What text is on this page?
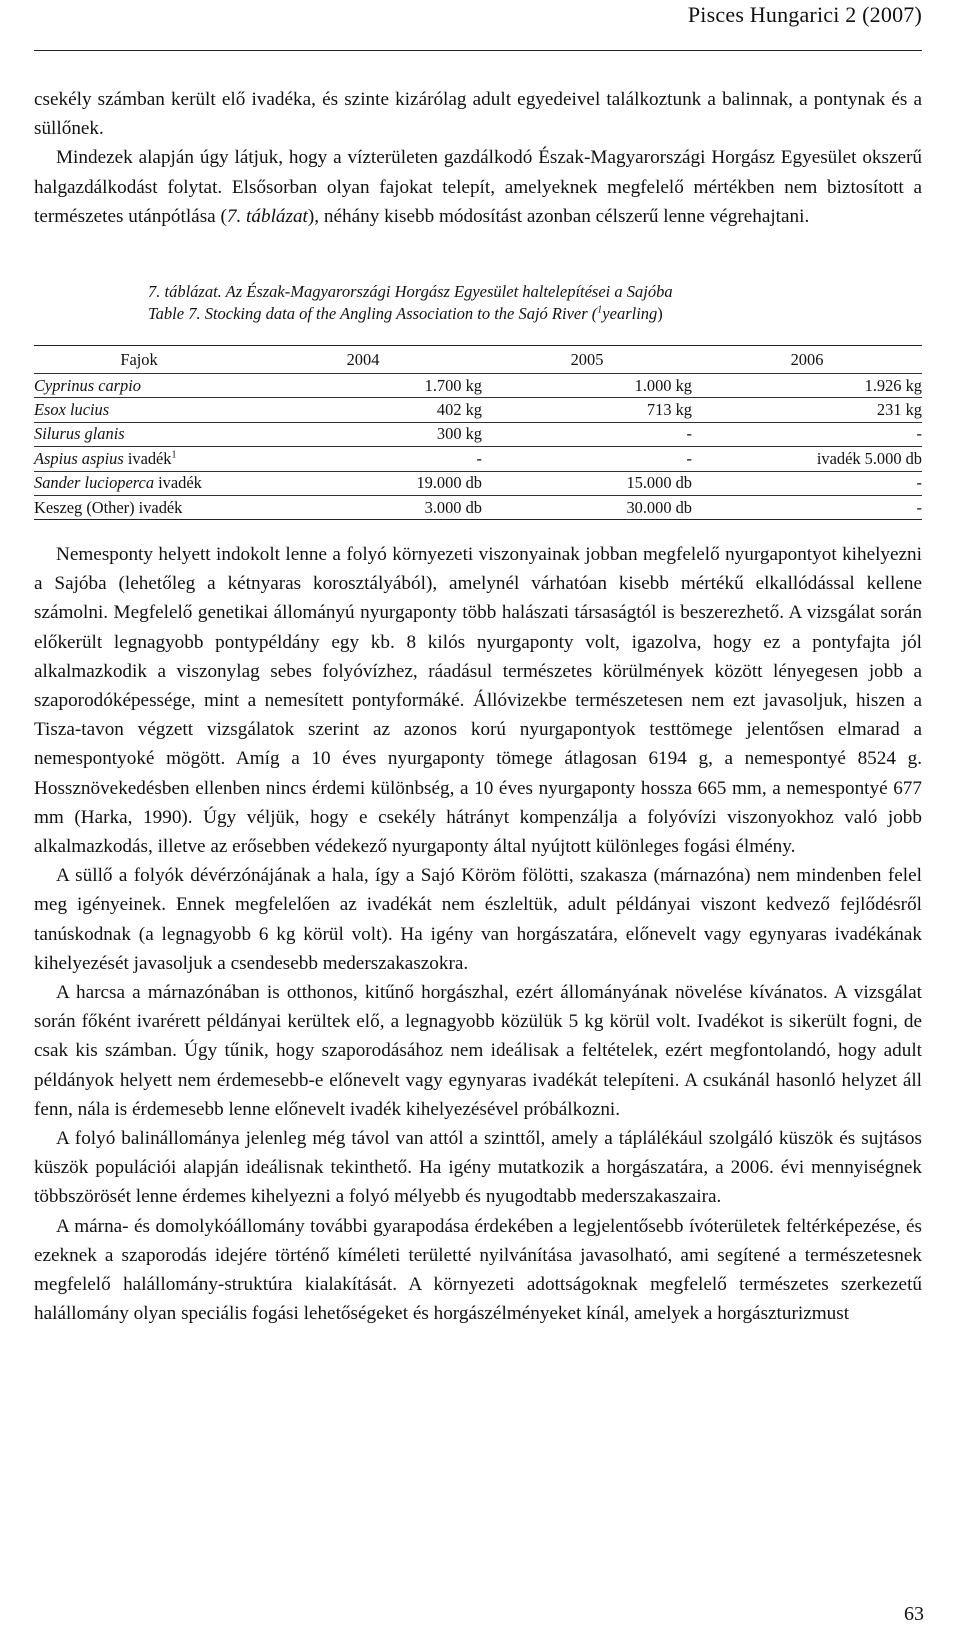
Pisces Hungarici 2 (2007)

csekély számban került elő ivadéka, és szinte kizárólag adult egyedeivel találkoztunk a balinnak, a pontynak és a süllőnek.

Mindezek alapján úgy látjuk, hogy a vízterületen gazdálkodó Észak-Magyarországi Horgász Egyesület okszerű halgazdálkodást folytat. Elsősorban olyan fajokat telepít, amelyeknek megfelelő mértékben nem biztosított a természetes utánpótlása (7. táblázat), néhány kisebb módosítást azonban célszerű lenne végrehajtani.

7. táblázat. Az Észak-Magyarországi Horgász Egyesület haltelepítései a Sajóba
Table 7. Stocking data of the Angling Association to the Sajó River ($^1$yearling)
Fajok	2004	2005	2006
Cyprinus carpio	1.700 kg	1.000 kg	1.926 kg
Esox lucius	402 kg	713 kg	231 kg
Silurus glanis	300 kg	-	-
Aspius aspius ivadék$^1$	-	-	ivadék 5.000 db
Sander lucioperca ivadék	19.000 db	15.000 db	-
Keszeg (Other) ivadék	3.000 db	30.000 db	-

Nemesponty helyett indokolt lenne a folyó környezeti viszonyainak jobban megfelelő nyurgapontyot kihelyezni a Sajóba (lehetőleg a kétnyaras korosztályából), amelynél várhatóan kisebb mértékű elkallódással kellene számolni. Megfelelő genetikai állományú nyurgaponty több halászati társaságtól is beszerezhető. A vizsgálat során előkerült legnagyobb pontypéldány egy kb. 8 kilós nyurgaponty volt, igazolva, hogy ez a pontyfajta jól alkalmazkodik a viszonylag sebes folyóvízhez, ráadásul természetes körülmények között lényegesen jobb a szaporodóképessége, mint a nemesített pontyformáké. Állóvizekbe természetesen nem ezt javasoljuk, hiszen a Tisza-tavon végzett vizsgálatok szerint az azonos korú nyurgapontyok testtömege jelentősen elmarad a nemespontyoké mögött. Amíg a 10 éves nyurgaponty tömege átlagosan 6194 g, a nemespontyé 8524 g. Hossznövekedésben ellenben nincs érdemi különbség, a 10 éves nyurgaponty hossza 665 mm, a nemespontyé 677 mm (Harka, 1990). Úgy véljük, hogy e csekély hátrányt kompenzálja a folyóvízi viszonyokhoz való jobb alkalmazkodás, illetve az erősebben védekező nyurgaponty által nyújtott különleges fogási élmény.

A süllő a folyók dévérzónájának a hala, így a Sajó Köröm fölötti, szakasza (márnazóna) nem mindenben felel meg igényeinek. Ennek megfelelően az ivadékát nem észleltük, adult példányai viszont kedvező fejlődésről tanúskodnak (a legnagyobb 6 kg körül volt). Ha igény van horgászatára, előnevelt vagy egynyaras ivadékának kihelyezését javasoljuk a csendesebb mederszakaszokra.

A harcsa a márnazónában is otthonos, kitűnő horgászhal, ezért állományának növelése kívánatos. A vizsgálat során főként ivarérett példányai kerültek elő, a legnagyobb közülük 5 kg körül volt. Ivadékot is sikerült fogni, de csak kis számban. Úgy tűnik, hogy szaporodásához nem ideálisak a feltételek, ezért megfontolandó, hogy adult példányok helyett nem érdemesebb-e előnevelt vagy egynyaras ivadékát telepíteni. A csukánál hasonló helyzet áll fenn, nála is érdemesebb lenne előnevelt ivadék kihelyezésével próbálkozni.

A folyó balinállománya jelenleg még távol van attól a szinttől, amely a táplálékául szolgáló küszök és sujtásos küszök populációi alapján ideálisnak tekinthető. Ha igény mutatkozik a horgászatára, a 2006. évi mennyiségnek többszörösét lenne érdemes kihelyezni a folyó mélyebb és nyugodtabb mederszakaszaira.

A márna- és domolykóállomány további gyarapodása érdekében a legjelentősebb ívóterületek feltérképezése, és ezeknek a szaporodás idejére történő kíméleti területté nyilvánítása javasolható, ami segítené a természetesnek megfelelő halállomány-struktúra kialakítását. A környezeti adottságoknak megfelelő természetes szerkezetű halállomány olyan speciális fogási lehetőségeket és horgászélményeket kínál, amelyek a horgászturizmust

63
